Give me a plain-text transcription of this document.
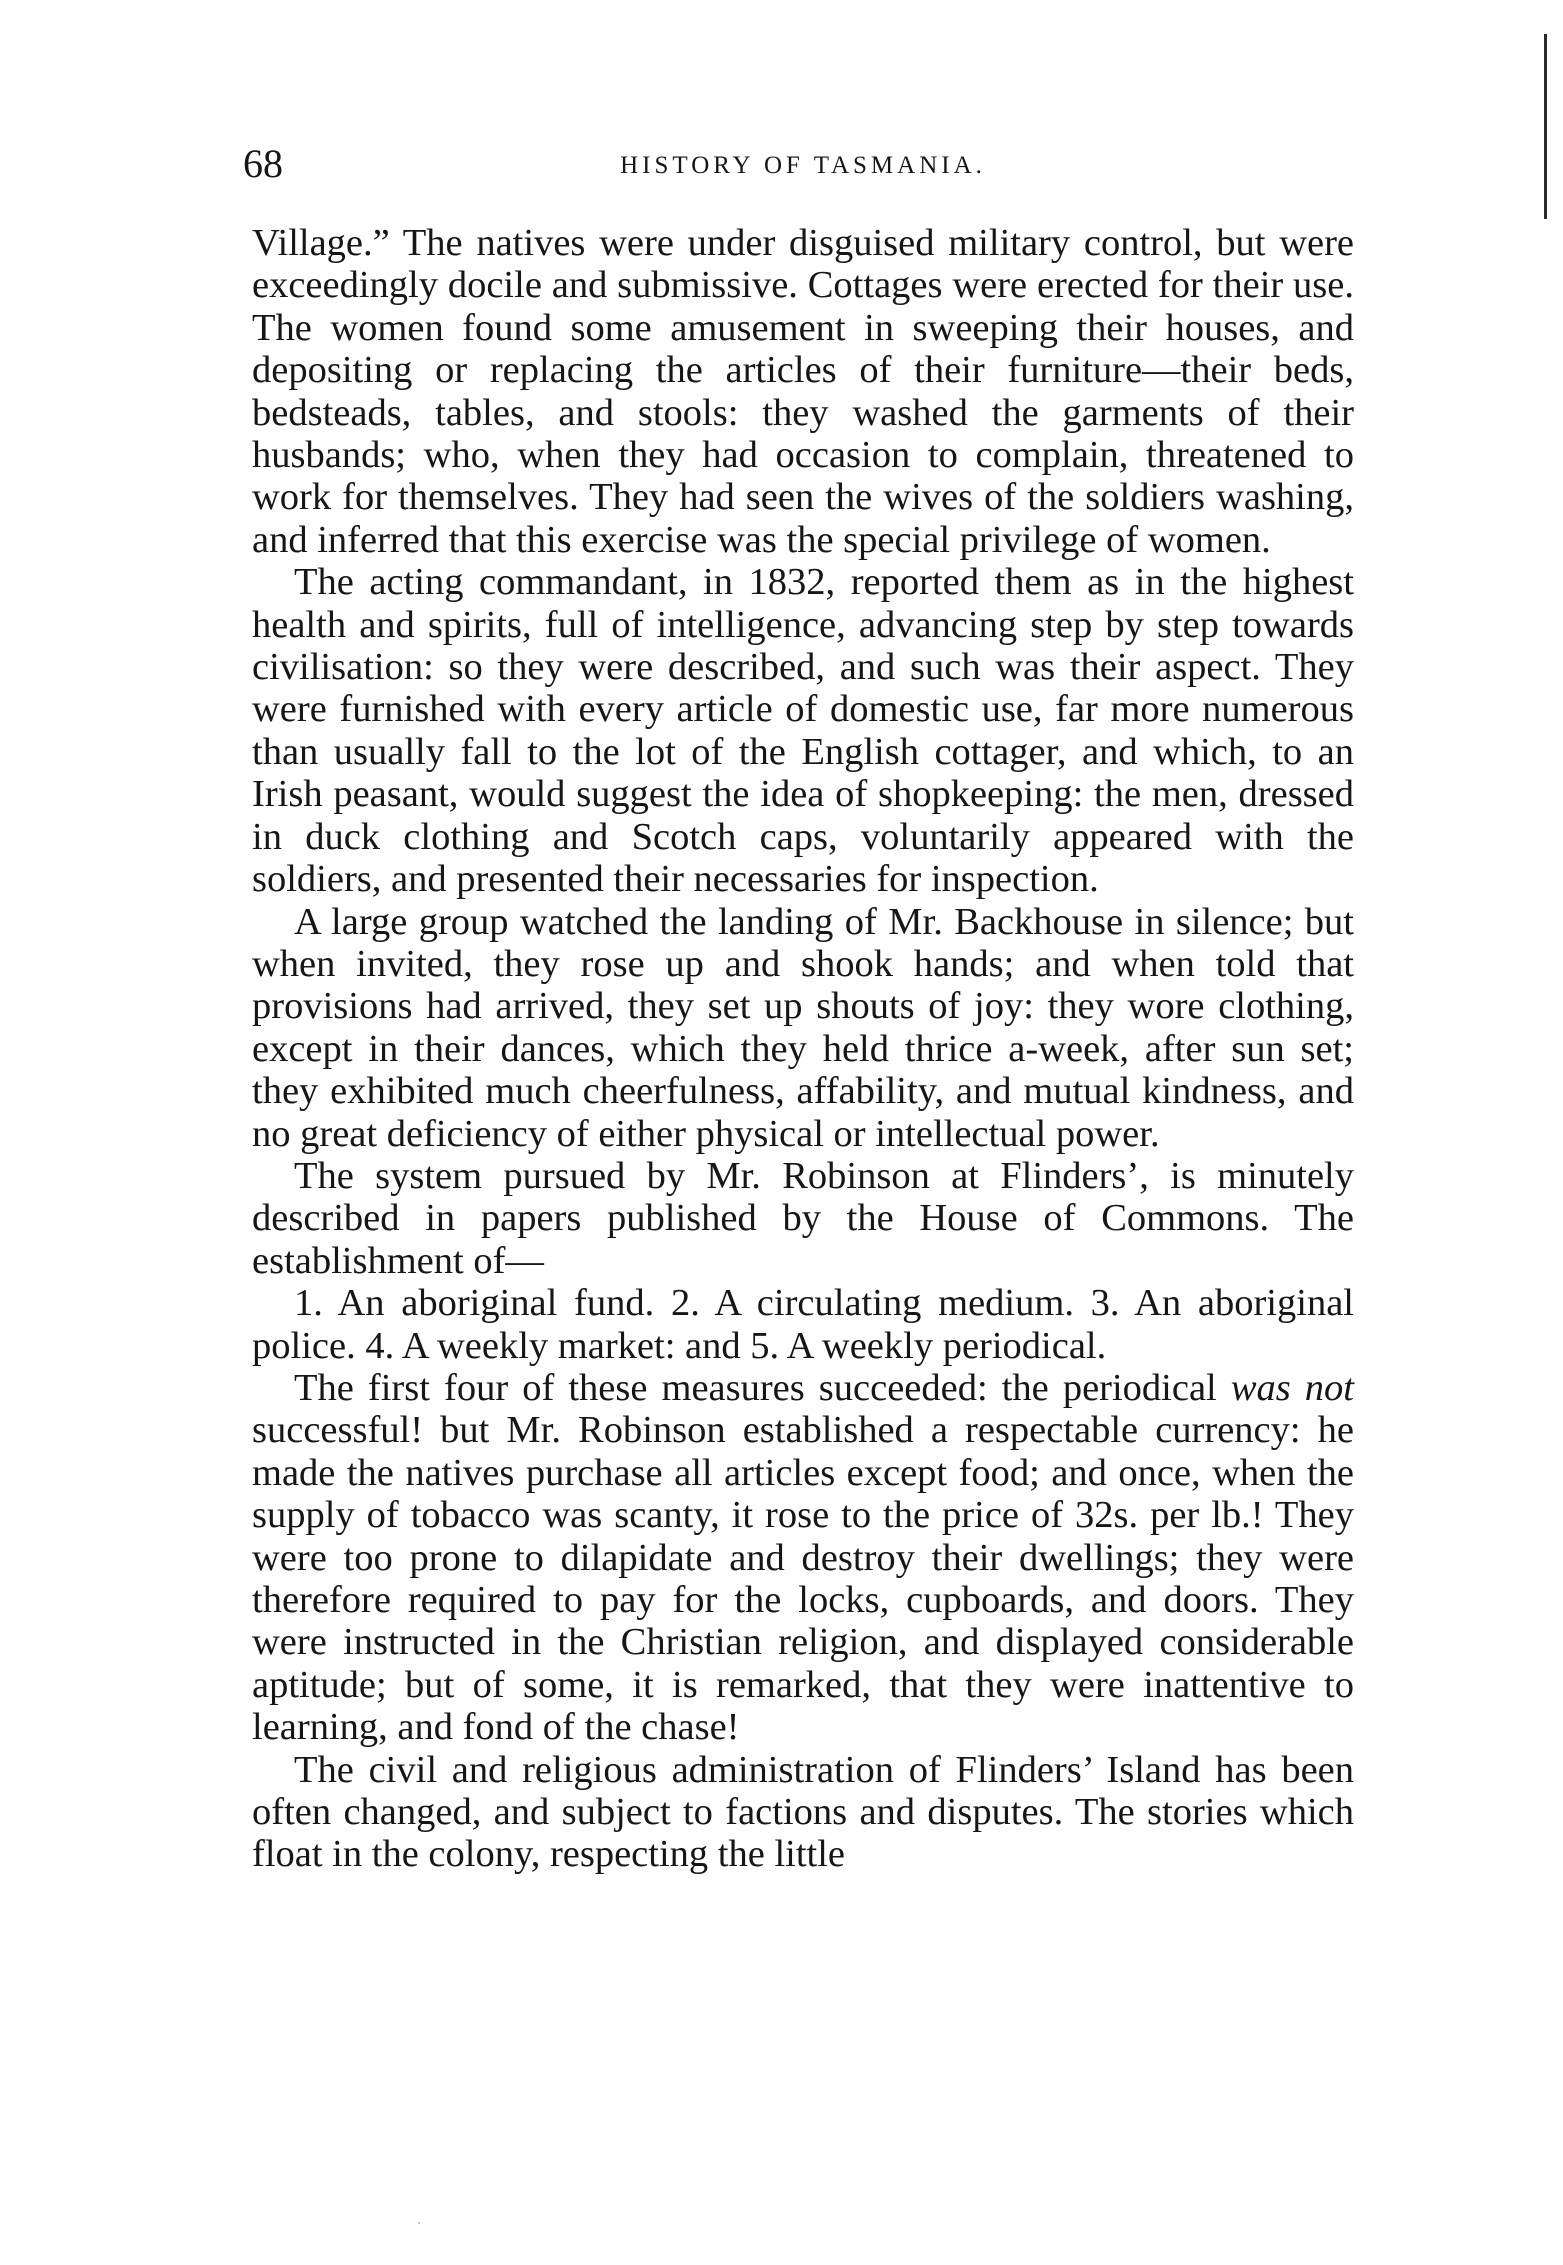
68	HISTORY OF TASMANIA.

Village.” The natives were under disguised military control, but were exceedingly docile and submissive. Cottages were erected for their use. The women found some amusement in sweeping their houses, and depositing or replacing the articles of their furniture—their beds, bedsteads, tables, and stools: they washed the garments of their husbands; who, when they had occasion to complain, threatened to work for themselves. They had seen the wives of the soldiers washing, and inferred that this exercise was the special privilege of women.

The acting commandant, in 1832, reported them as in the highest health and spirits, full of intelligence, advancing step by step towards civilisation: so they were described, and such was their aspect. They were furnished with every article of domestic use, far more numerous than usually fall to the lot of the English cottager, and which, to an Irish peasant, would suggest the idea of shopkeeping: the men, dressed in duck clothing and Scotch caps, voluntarily appeared with the soldiers, and presented their necessaries for inspection.

A large group watched the landing of Mr. Backhouse in silence; but when invited, they rose up and shook hands; and when told that provisions had arrived, they set up shouts of joy: they wore clothing, except in their dances, which they held thrice a-week, after sun set; they exhibited much cheerfulness, affability, and mutual kindness, and no great deficiency of either physical or intellectual power.

The system pursued by Mr. Robinson at Flinders’, is minutely described in papers published by the House of Commons. The establishment of—

1. An aboriginal fund. 2. A circulating medium. 3. An aboriginal police. 4. A weekly market: and 5. A weekly periodical.

The first four of these measures succeeded: the periodical was not successful! but Mr. Robinson established a respectable currency: he made the natives purchase all articles except food; and once, when the supply of tobacco was scanty, it rose to the price of 32s. per lb.! They were too prone to dilapidate and destroy their dwellings; they were therefore required to pay for the locks, cupboards, and doors. They were instructed in the Christian religion, and displayed considerable aptitude; but of some, it is remarked, that they were inattentive to learning, and fond of the chase!

The civil and religious administration of Flinders’ Island has been often changed, and subject to factions and disputes. The stories which float in the colony, respecting the little
